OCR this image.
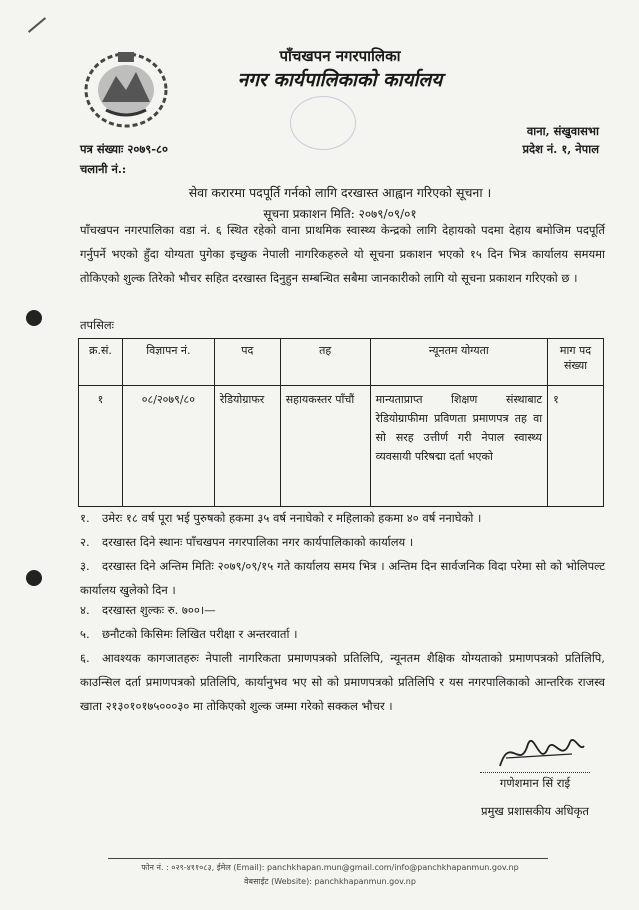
पाँचखपन नगरपालिका
नगर कार्यपालिकाको कार्यालय
पत्र संख्याः २०७९-८०
चलानी नं.:
वाना, संखुवासभा
प्रदेश नं. १, नेपाल
सेवा करारमा पदपूर्ति गर्नको लागि दरखास्त आह्वान गरिएको सूचना ।
सूचना प्रकाशन मिति: २०७९/०९/०१
पाँचखपन नगरपालिका वडा नं. ६ स्थित रहेको वाना प्राथमिक स्वास्थ्य केन्द्रको लागि देहायको पदमा देहाय बमोजिम पदपूर्ति गर्नुपर्ने भएको हुँदा योग्यता पुगेका इच्छुक नेपाली नागरिकहरुले यो सूचना प्रकाशन भएको १५ दिन भित्र कार्यालय समयमा तोकिएको शुल्क तिरेको भौचर सहित दरखास्त दिनुहुन सम्बन्धित सबैमा जानकारीको लागि यो सूचना प्रकाशन गरिएको छ ।
तपसिलः
क्र.सं.	विज्ञापन नं.	पद	तह	न्यूनतम योग्यता	माग पद संख्या
१	०८/२०७९/८०	रेडियोग्राफर	सहायकस्तर पाँचौं	मान्यताप्राप्त शिक्षण संस्थाबाट रेडियोग्राफीमा प्रविणता प्रमाणपत्र तह वा सो सरह उत्तीर्ण गरी नेपाल स्वास्थ्य व्यवसायी परिषद्मा दर्ता भएको	१
१. उमेरः १८ वर्ष पूरा भई पुरुषको हकमा ३५ वर्ष ननाघेको र महिलाको हकमा ४० वर्ष ननाघेको ।
२. दरखास्त दिने स्थानः पाँचखपन नगरपालिका नगर कार्यपालिकाको कार्यालय ।
३. दरखास्त दिने अन्तिम मितिः २०७९/०९/१५ गते कार्यालय समय भित्र । अन्तिम दिन सार्वजनिक विदा परेमा सो को भोलिपल्ट कार्यालय खुलेको दिन ।
४. दरखास्त शुल्कः रु. ७००।—
५. छनौटको किसिमः लिखित परीक्षा र अन्तरवार्ता ।
६. आवश्यक कागजातहरुः नेपाली नागरिकता प्रमाणपत्रको प्रतिलिपि, न्यूनतम शैक्षिक योग्यताको प्रमाणपत्रको प्रतिलिपि, काउन्सिल दर्ता प्रमाणपत्रको प्रतिलिपि, कार्यानुभव भए सो को प्रमाणपत्रको प्रतिलिपि र यस नगरपालिकाको आन्तरिक राजस्व खाता २१३०१०१७५०००३० मा तोकिएको शुल्क जम्मा गरेको सक्कल भौचर ।
गणेशमान सिं राई
प्रमुख प्रशासकीय अधिकृत
फोन नं. : ०२९-४११०८३, ईमेल (Email): panchkhapan.mun@gmail.com/info@panchkhapanmun.gov.np
वेबसाईट (Website): panchkhapanmun.gov.np
